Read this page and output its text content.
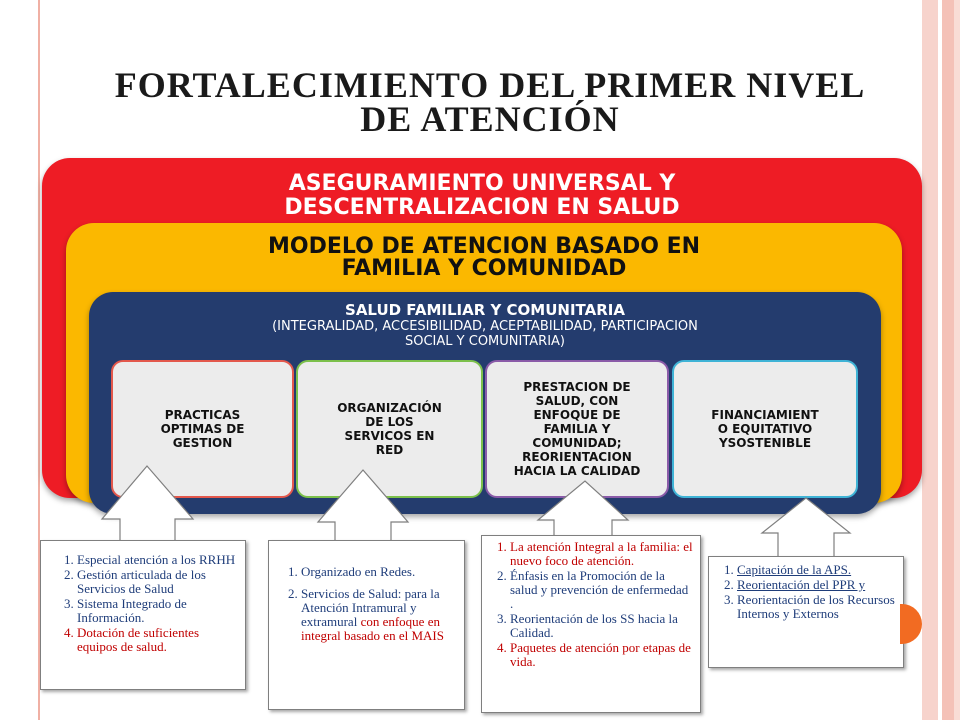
FORTALECIMIENTO DEL PRIMER NIVEL
DE ATENCIÓN
ASEGURAMIENTO UNIVERSAL Y
DESCENTRALIZACION EN SALUD
MODELO DE ATENCION BASADO EN
FAMILIA Y COMUNIDAD
SALUD FAMILIAR Y COMUNITARIA
(INTEGRALIDAD, ACCESIBILIDAD, ACEPTABILIDAD, PARTICIPACION
SOCIAL Y COMUNITARIA)
PRACTICAS
OPTIMAS DE
GESTION
ORGANIZACIÓN
DE LOS
SERVICOS EN
RED
PRESTACION DE
SALUD, CON
ENFOQUE DE
FAMILIA Y
COMUNIDAD;
REORIENTACION
HACIA LA CALIDAD
FINANCIAMIENT
O EQUITATIVO
YSOSTENIBLE
1. Especial atención a los RRHH
2. Gestión articulada de los Servicios de Salud
3. Sistema Integrado de Información.
4. Dotación de suficientes equipos de salud.
1. Organizado en Redes.
2. Servicios de Salud: para la Atención Intramural y extramural con enfoque en integral basado en el MAIS
1. La atención Integral a la familia: el nuevo foco de atención.
2. Énfasis en la Promoción de la salud y prevención de enfermedad .
3. Reorientación de los SS hacia la Calidad.
4. Paquetes de atención por etapas de vida.
1. Capitación de la APS.
2. Reorientación del PPR y
3. Reorientación de los Recursos Internos y Externos
